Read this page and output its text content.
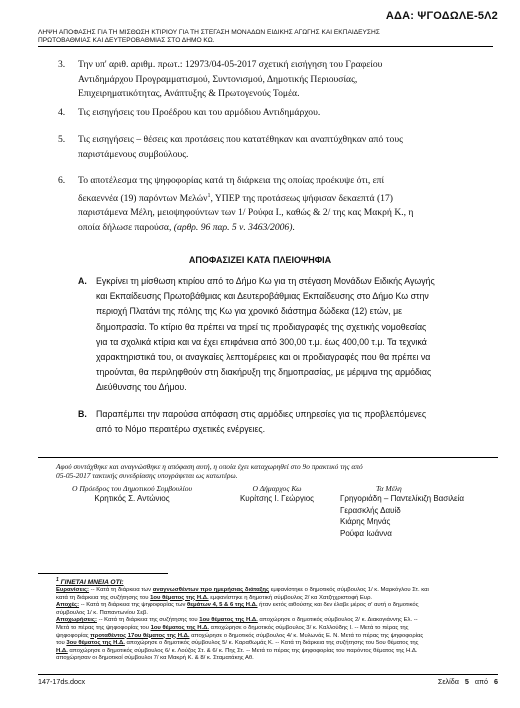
ΑΔΑ: ΨΓΟΔΩΛΕ-5Λ2
ΛΗΨΗ ΑΠΟΦΑΣΗΣ ΓΙΑ ΤΗ ΜΙΣΘΩΣΗ ΚΤΙΡΙΟΥ ΓΙΑ ΤΗ ΣΤΕΓΑΣΗ ΜΟΝΑΔΩΝ ΕΙΔΙΚΗΣ ΑΓΩΓΗΣ ΚΑΙ ΕΚΠΑΙΔΕΥΣΗΣ
ΠΡΩΤΟΒΑΘΜΙΑΣ ΚΑΙ ΔΕΥΤΕΡΟΒΑΘΜΙΑΣ ΣΤΟ ΔΗΜΟ ΚΩ.
3. Την υπ' αριθ. αριθμ. πρωτ.: 12973/04-05-2017 σχετική εισήγηση του Γραφείου
Αντιδημάρχου Προγραμματισμού, Συντονισμού, Δημοτικής Περιουσίας,
Επιχειρηματικότητας, Ανάπτυξης & Πρωτογενούς Τομέα.
4. Τις εισηγήσεις του Προέδρου και του αρμόδιου Αντιδημάρχου.
5. Τις εισηγήσεις – θέσεις και προτάσεις που κατατέθηκαν και αναπτύχθηκαν από τους
παριστάμενους συμβούλους.
6. Το αποτέλεσμα της ψηφοφορίας κατά τη διάρκεια της οποίας προέκυψε ότι, επί
δεκαεννέα (19) παρόντων Μελών$^1$, ΥΠΕΡ της προτάσεως ψήφισαν δεκαεπτά (17)
παριστάμενα Μέλη, μειοψηφούντων των 1/ Ρούφα Ι., καθώς & 2/ της κας Μακρή Κ., η
οποία δήλωσε παρούσα, (αρθρ. 96 παρ. 5 ν. 3463/2006).
ΑΠΟΦΑΣΙΖΕΙ ΚΑΤΑ ΠΛΕΙΟΨΗΦΙΑ
A. Εγκρίνει τη μίσθωση κτιρίου από το Δήμο Κω για τη στέγαση Μονάδων Ειδικής Αγωγής
και Εκπαίδευσης Πρωτοβάθμιας και Δευτεροβάθμιας Εκπαίδευσης στο Δήμο Κω στην
περιοχή Πλατάνι της πόλης της Κω για χρονικό διάστημα δώδεκα (12) ετών, με
δημοπρασία. Το κτίριο θα πρέπει να τηρεί τις προδιαγραφές της σχετικής νομοθεσίας
για τα σχολικά κτίρια και να έχει επιφάνεια από 300,00 τ.μ. έως 400,00 τ.μ. Τα τεχνικά
χαρακτηριστικά του, οι αναγκαίες λεπτομέρειες και οι προδιαγραφές που θα πρέπει να
τηρούνται, θα περιληφθούν στη διακήρυξη της δημοπρασίας, με μέριμνα της αρμόδιας
Διεύθυνσης του Δήμου.
B. Παραπέμπει την παρούσα απόφαση στις αρμόδιες υπηρεσίες για τις προβλεπόμενες
από το Νόμο περαιτέρω σχετικές ενέργειες.
Αφού συντάχθηκε και αναγνώσθηκε η απόφαση αυτή, η οποία έχει καταχωρηθεί στο 9ο πρακτικό της από
05-05-2017 τακτικής συνεδρίασης υπογράφεται ως κατωτέρω.
Ο Πρόεδρος του Δημοτικού Συμβουλίου
Κρητικός Σ. Αντώνιος
Ο Δήμαρχος Κω
Κυρίτσης Ι. Γεώργιος
Τα Μέλη
Γρηγοριάδη – Παντελίκιζη Βασιλεία
Γερασκλής Δαυίδ
Κιάρης Μηνάς
Ρούφα Ιωάννα
$^1$ ΓΙΝΕΤΑΙ ΜΝΕΙΑ ΟΤΙ:
Ευρανίσεις: -- Κατά τη διάρκεια των αναγνωσθέντων προ ημερήσιας διάταξης εμφανίστηκε ο δημοτικός σύμβουλος 1/ κ. Μαρκόγλου Στ. και
κατά τη διάρκεια της συζήτησης του 1ου θέματος της Η.Δ. εμφανίστηκε η δημοτική σύμβουλος 2/ κα Χατζηχριστοφή Ευρ.
Αποχές: -- Κατά τη διάρκεια της ψηφοφορίας των θεμάτων 4, 5 & 6 της Η.Δ. ήταν εκτός αιθούσης και δεν έλαβε μέρος σ' αυτή ο δημοτικός
σύμβουλος 1/ κ. Παπαντωνίου Σεβ.
Αποχωρήσεις: -- Κατά τη διάρκεια της συζήτησης του 1ου θέματος της Η.Δ. αποχώρησε ο δημοτικός σύμβουλος 2/ κ. Διακογιάννης Ελ. --
Μετά το πέρας της ψηφοφορίας του 1ου θέματος της Η.Δ. αποχώρησε ο δημοτικός σύμβουλος 3/ κ. Καλλούδης Ι. -- Μετά το πέρας της
ψηφοφορίας προταθέντος 17ου θέματος της Η.Δ. αποχώρησε ο δημοτικός σύμβουλος 4/ κ. Μυλωνάς Ε. Ν. Μετά το πέρας της ψηφοφορίας
του 3ου θέματος της Η.Δ. αποχώρησε ο δημοτικός σύμβουλος 5/ κ. Καραθωμάς Κ. -- Κατά τη διάρκεια της συζήτησης του 5ου θέματος της
Η.Δ. αποχώρησε ο δημοτικός σύμβουλος 6/ κ. Λούζος Στ. & 6/ κ. Πης Στ. -- Μετά το πέρας της ψηφοφορίας του παρόντος θέματος της Η.Δ.
αποχώρησαν οι δημοτικοί σύμβουλοι 7/ κα Μακρή Κ. & 8/ κ. Σταματάκης Αθ.
147-17ds.docx	Σελίδα 5 από 6
